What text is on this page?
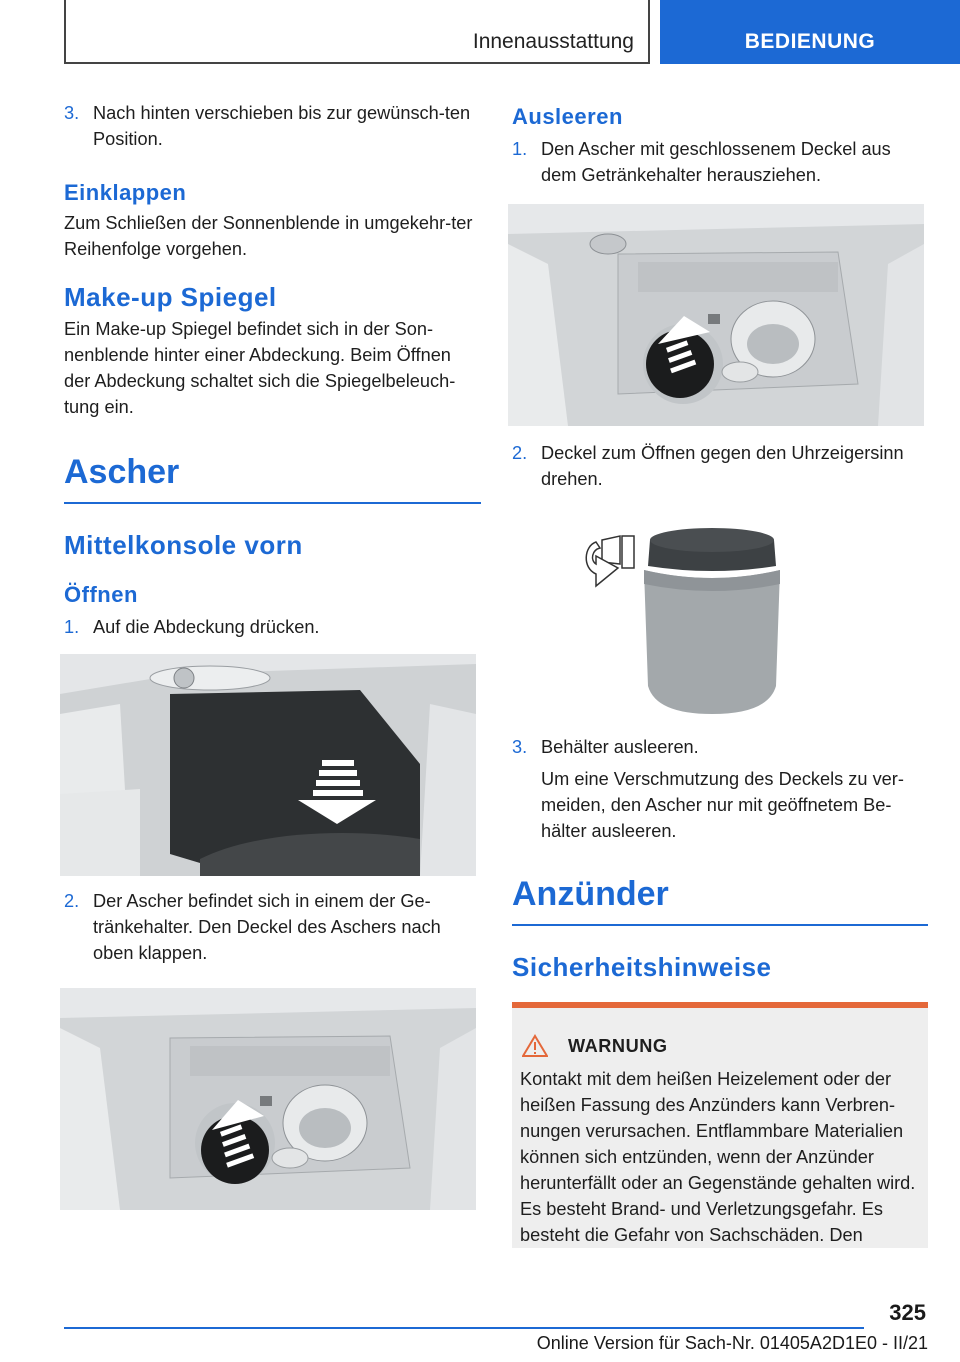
Innenausstattung	BEDIENUNG
3. Nach hinten verschieben bis zur gewünsch-ten Position.
Einklappen

Zum Schließen der Sonnenblende in umgekehr-ter Reihenfolge vorgehen.

Make-up Spiegel

Ein Make-up Spiegel befindet sich in der Son-nenblende hinter einer Abdeckung. Beim Öffnen der Abdeckung schaltet sich die Spiegelbeleuch-tung ein.

Ascher
Mittelkonsole vorn
Öffnen
1. Auf die Abdeckung drücken.
2. Der Ascher befindet sich in einem der Ge-tränkehalter. Den Deckel des Aschers nach oben klappen.
Ausleeren
1. Den Ascher mit geschlossenem Deckel aus dem Getränkehalter herausziehen.
2. Deckel zum Öffnen gegen den Uhrzeigersinn drehen.
3. Behälter ausleeren.

Um eine Verschmutzung des Deckels zu ver-meiden, den Ascher nur mit geöffnetem Be-hälter ausleeren.

Anzünder
Sicherheitshinweise
WARNUNG

Kontakt mit dem heißen Heizelement oder der heißen Fassung des Anzünders kann Verbren-nungen verursachen. Entflammbare Materialien können sich entzünden, wenn der Anzünder herunterfällt oder an Gegenstände gehalten wird. Es besteht Brand- und Verletzungsgefahr. Es besteht die Gefahr von Sachschäden. Den

325
Online Version für Sach-Nr. 01405A2D1E0 - II/21
